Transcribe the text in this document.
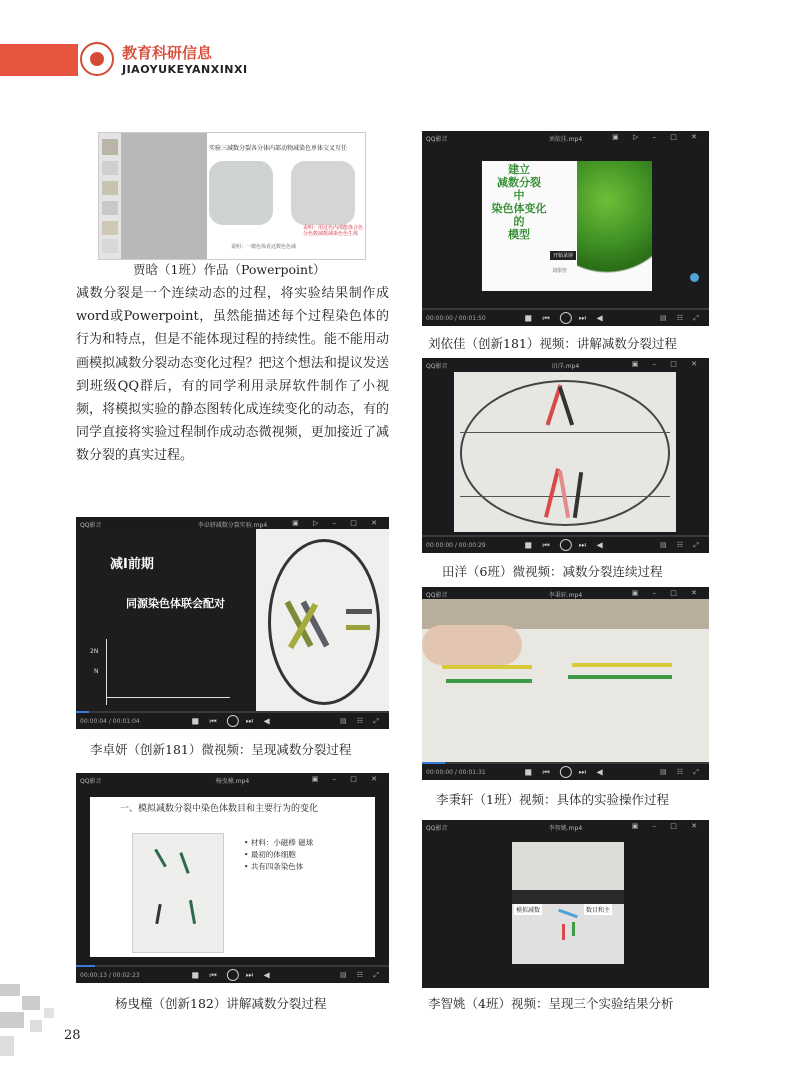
教育科研信息
JIAOYUKEYANXINXI
实验三减数分裂各分体内部动物减染色单体交叉互任
说明：用这色内部能体合色分色数减数减染色色生体
说明：一微色体看这数色色减
贾晗（1班）作品（Powerpoint）
减数分裂是一个连续动态的过程，将实验结果制作成word或Powerpoint，虽然能描述每个过程染色体的行为和特点，但是不能体现过程的持续性。能不能用动画模拟减数分裂动态变化过程？把这个想法和提议发送到班级QQ群后，有的同学利用录屏软件制作了小视频，将模拟实验的静态图转化成连续变化的动态，有的同学直接将实验过程制作成动态微视频，更加接近了减数分裂的真实过程。
QQ影音	李卓妍减数分裂实验.mp4	▣ ▷ – □ ✕
减Ⅰ前期
同源染色体联会配对
2N
N
00:00:04 / 00:01:04	■ ⏮  ⏭ ◀	▤ ☷ ⤢
李卓妍（创新181）微视频：呈现减数分裂过程
QQ影音	杨曳橦.mp4	▣ – □ ✕
一、模拟减数分裂中染色体数目和主要行为的变化
• 材料：小磁棒 磁球
• 最初的体细胞
• 共有四条染色体
00:00:13 / 00:02:23	■ ⏮  ⏭ ◀	▤ ☷ ⤢
杨曳橦（创新182）讲解减数分裂过程
QQ影音	刘依佳.mp4	▣ ▷ – □ ✕
建立
减数分裂
中
染色体变化
的
模型
开始录屏
刘依佳
00:00:00 / 00:01:50	■ ⏮  ⏭ ◀	▤ ☷ ⤢
刘依佳（创新181）视频：讲解减数分裂过程
QQ影音	田洋.mp4	▣ – □ ✕
00:00:00 / 00:00:29	■ ⏮  ⏭ ◀	▤ ☷ ⤢
田洋（6班）微视频：减数分裂连续过程
QQ影音	李秉轩.mp4	▣ – □ ✕
00:00:00 / 00:01:31	■ ⏮  ⏭ ◀	▤ ☷ ⤢
李秉轩（1班）视频：具体的实验操作过程
QQ影音	李智姚.mp4	▣ – □ ✕
模拟减数	数目和主
李智姚（4班）视频：呈现三个实验结果分析
28
